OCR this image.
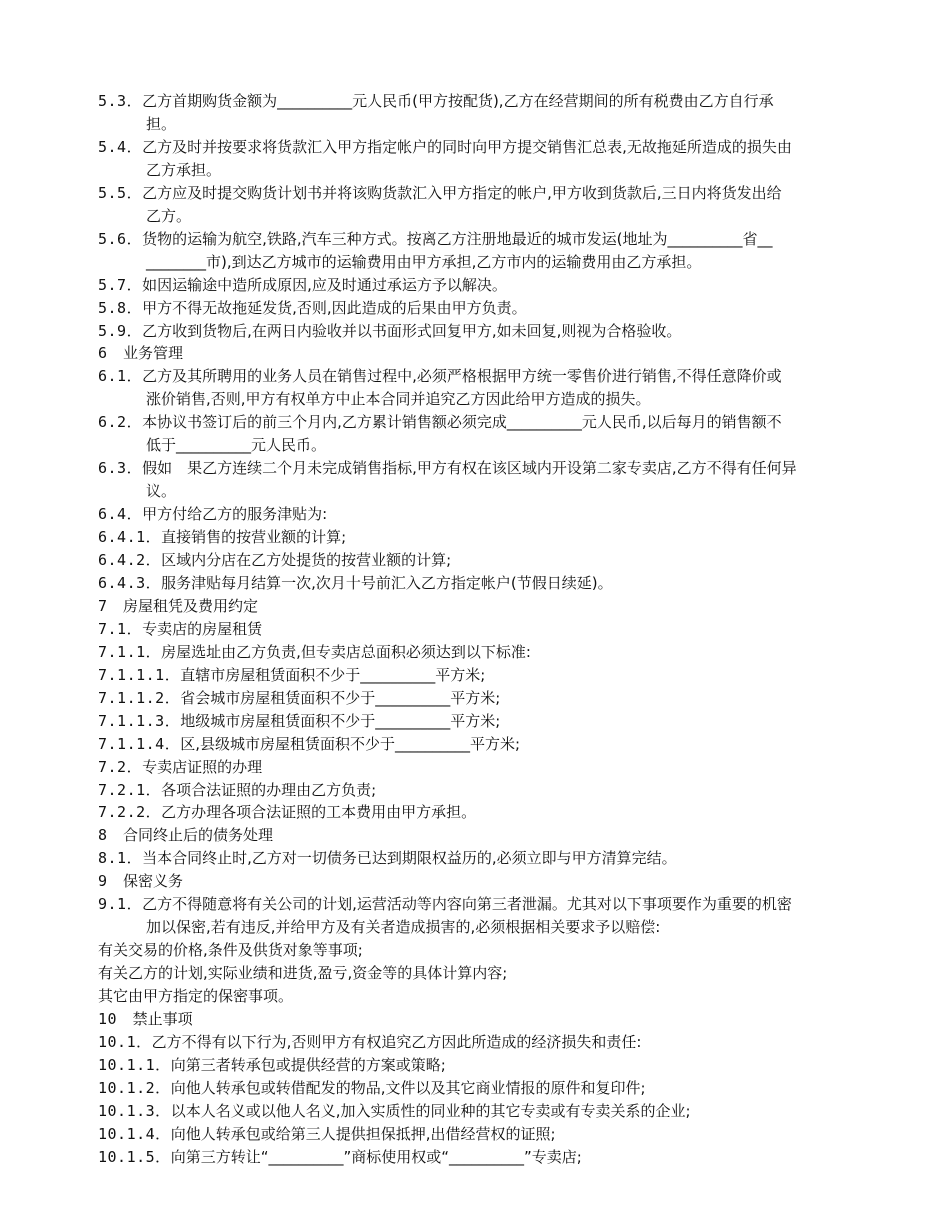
5.3．乙方首期购货金额为__________元人民币(甲方按配货),乙方在经营期间的所有税费由乙方自行承
担。
5.4．乙方及时并按要求将货款汇入甲方指定帐户的同时向甲方提交销售汇总表,无故拖延所造成的损失由
乙方承担。
5.5．乙方应及时提交购货计划书并将该购货款汇入甲方指定的帐户,甲方收到货款后,三日内将货发出给
乙方。
5.6．货物的运输为航空,铁路,汽车三种方式。按离乙方注册地最近的城市发运(地址为__________省__
________市),到达乙方城市的运输费用由甲方承担,乙方市内的运输费用由乙方承担。
5.7．如因运输途中造所成原因,应及时通过承运方予以解决。
5.8．甲方不得无故拖延发货,否则,因此造成的后果由甲方负责。
5.9．乙方收到货物后,在两日内验收并以书面形式回复甲方,如未回复,则视为合格验收。
6　业务管理
6.1．乙方及其所聘用的业务人员在销售过程中,必须严格根据甲方统一零售价进行销售,不得任意降价或
涨价销售,否则,甲方有权单方中止本合同并追究乙方因此给甲方造成的损失。
6.2．本协议书签订后的前三个月内,乙方累计销售额必须完成__________元人民币,以后每月的销售额不
低于__________元人民币。
6.3．假如　果乙方连续二个月未完成销售指标,甲方有权在该区域内开设第二家专卖店,乙方不得有任何异
议。
6.4．甲方付给乙方的服务津贴为:
6.4.1．直接销售的按营业额的计算;
6.4.2．区域内分店在乙方处提货的按营业额的计算;
6.4.3．服务津贴每月结算一次,次月十号前汇入乙方指定帐户(节假日续延)。
7　房屋租凭及费用约定
7.1．专卖店的房屋租赁
7.1.1．房屋选址由乙方负责,但专卖店总面积必须达到以下标准:
7.1.1.1．直辖市房屋租赁面积不少于__________平方米;
7.1.1.2．省会城市房屋租赁面积不少于__________平方米;
7.1.1.3．地级城市房屋租赁面积不少于__________平方米;
7.1.1.4．区,县级城市房屋租赁面积不少于__________平方米;
7.2．专卖店证照的办理
7.2.1．各项合法证照的办理由乙方负责;
7.2.2．乙方办理各项合法证照的工本费用由甲方承担。
8　合同终止后的债务处理
8.1．当本合同终止时,乙方对一切债务已达到期限权益历的,必须立即与甲方清算完结。
9　保密义务
9.1．乙方不得随意将有关公司的计划,运营活动等内容向第三者泄漏。尤其对以下事项要作为重要的机密
加以保密,若有违反,并给甲方及有关者造成损害的,必须根据相关要求予以赔偿:
有关交易的价格,条件及供货对象等事项;
有关乙方的计划,实际业绩和进货,盈亏,资金等的具体计算内容;
其它由甲方指定的保密事项。
10　禁止事项
10.1．乙方不得有以下行为,否则甲方有权追究乙方因此所造成的经济损失和责任:
10.1.1．向第三者转承包或提供经营的方案或策略;
10.1.2．向他人转承包或转借配发的物品,文件以及其它商业情报的原件和复印件;
10.1.3．以本人名义或以他人名义,加入实质性的同业种的其它专卖或有专卖关系的企业;
10.1.4．向他人转承包或给第三人提供担保抵押,出借经营权的证照;
10.1.5．向第三方转让“__________”商标使用权或“__________”专卖店;
